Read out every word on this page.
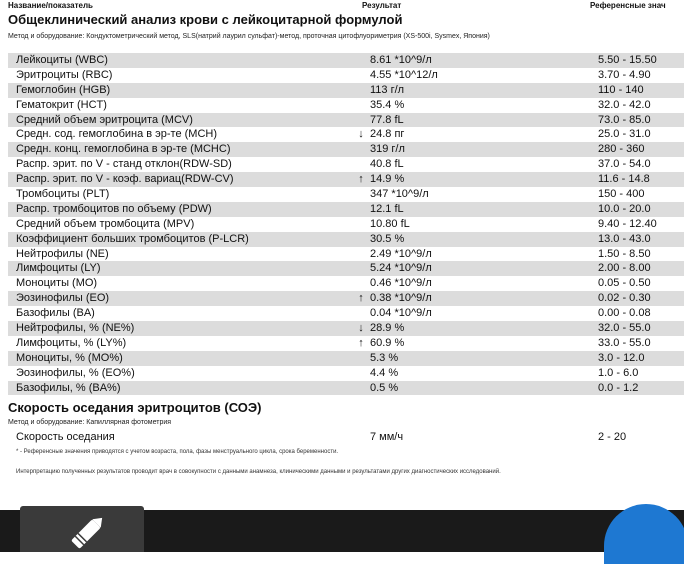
Название/показатель	Результат	Референсные знач
Общеклинический анализ крови с лейкоцитарной формулой
Метод и оборудование: Кондуктометрический метод, SLS(натрий лаурил сульфат)-метод, проточная цитофлуориметрия (XS-500i, Sysmex, Япония)
Лейкоциты (WBC)	8.61 *10^9/л	5.50 - 15.50
Эритроциты (RBC)	4.55 *10^12/л	3.70 - 4.90
Гемоглобин (HGB)	113 г/л	110 - 140
Гематокрит (HCT)	35.4 %	32.0 - 42.0
Средний объем эритроцита (MCV)	77.8 fL	73.0 - 85.0
Средн. сод. гемоглобина в эр-те (MCH)	↓ 24.8 пг	25.0 - 31.0
Средн. конц. гемоглобина в эр-те (MCHC)	319 г/л	280 - 360
Распр. эрит. по V - станд отклон(RDW-SD)	40.8 fL	37.0 - 54.0
Распр. эрит. по V - коэф. вариац(RDW-CV)	↑ 14.9 %	11.6 - 14.8
Тромбоциты (PLT)	347 *10^9/л	150 - 400
Распр. тромбоцитов по объему (PDW)	12.1 fL	10.0 - 20.0
Средний объем тромбоцита (MPV)	10.80 fL	9.40 - 12.40
Коэффициент больших тромбоцитов (P-LCR)	30.5 %	13.0 - 43.0
Нейтрофилы (NE)	2.49 *10^9/л	1.50 - 8.50
Лимфоциты (LY)	5.24 *10^9/л	2.00 - 8.00
Моноциты (MO)	0.46 *10^9/л	0.05 - 0.50
Эозинофилы (EO)	↑ 0.38 *10^9/л	0.02 - 0.30
Базофилы (BA)	0.04 *10^9/л	0.00 - 0.08
Нейтрофилы, % (NE%)	↓ 28.9 %	32.0 - 55.0
Лимфоциты, % (LY%)	↑ 60.9 %	33.0 - 55.0
Моноциты, % (MO%)	5.3 %	3.0 - 12.0
Эозинофилы, % (EO%)	4.4 %	1.0 - 6.0
Базофилы, % (BA%)	0.5 %	0.0 - 1.2
Скорость оседания эритроцитов (СОЭ)
Метод и оборудование: Капиллярная фотометрия
Скорость оседания	7 мм/ч	2 - 20
* - Референсные значения приводятся с учетом возраста, пола, фазы менструального цикла, срока беременности.
Интерпретацию полученных результатов проводит врач в совокупности с данными анамнеза, клиническими данными и результатами других диагностических исследований.
